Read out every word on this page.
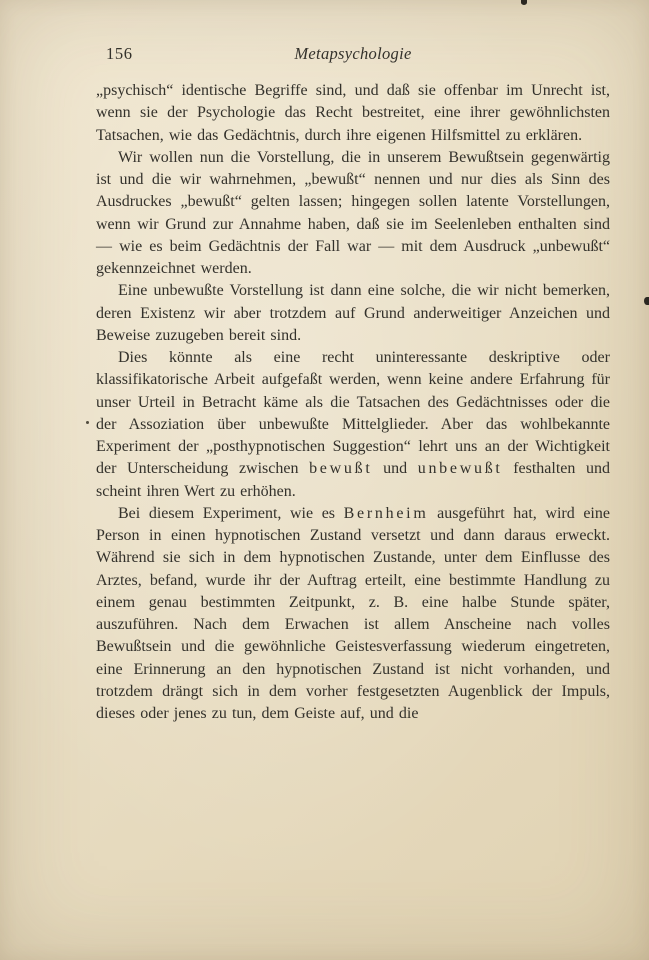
156	Metapsychologie

„psychisch“ identische Begriffe sind, und daß sie offenbar im Unrecht ist, wenn sie der Psychologie das Recht bestreitet, eine ihrer gewöhnlichsten Tatsachen, wie das Gedächtnis, durch ihre eigenen Hilfsmittel zu erklären.

Wir wollen nun die Vorstellung, die in unserem Bewußtsein gegenwärtig ist und die wir wahrnehmen, „bewußt“ nennen und nur dies als Sinn des Ausdruckes „bewußt“ gelten lassen; hingegen sollen latente Vorstellungen, wenn wir Grund zur Annahme haben, daß sie im Seelenleben enthalten sind — wie es beim Gedächtnis der Fall war — mit dem Ausdruck „unbewußt“ gekennzeichnet werden.

Eine unbewußte Vorstellung ist dann eine solche, die wir nicht bemerken, deren Existenz wir aber trotzdem auf Grund anderweitiger Anzeichen und Beweise zuzugeben bereit sind.

Dies könnte als eine recht uninteressante deskriptive oder klassifikatorische Arbeit aufgefaßt werden, wenn keine andere Erfahrung für unser Urteil in Betracht käme als die Tatsachen des Gedächtnisses oder die der Assoziation über unbewußte Mittelglieder. Aber das wohlbekannte Experiment der „posthypnotischen Suggestion“ lehrt uns an der Wichtigkeit der Unterscheidung zwischen bewußt und unbewußt festhalten und scheint ihren Wert zu erhöhen.

Bei diesem Experiment, wie es Bernheim ausgeführt hat, wird eine Person in einen hypnotischen Zustand versetzt und dann daraus erweckt. Während sie sich in dem hypnotischen Zustande, unter dem Einflusse des Arztes, befand, wurde ihr der Auftrag erteilt, eine bestimmte Handlung zu einem genau bestimmten Zeitpunkt, z. B. eine halbe Stunde später, auszuführen. Nach dem Erwachen ist allem Anscheine nach volles Bewußtsein und die gewöhnliche Geistesverfassung wiederum eingetreten, eine Erinnerung an den hypnotischen Zustand ist nicht vorhanden, und trotzdem drängt sich in dem vorher festgesetzten Augenblick der Impuls, dieses oder jenes zu tun, dem Geiste auf, und die
